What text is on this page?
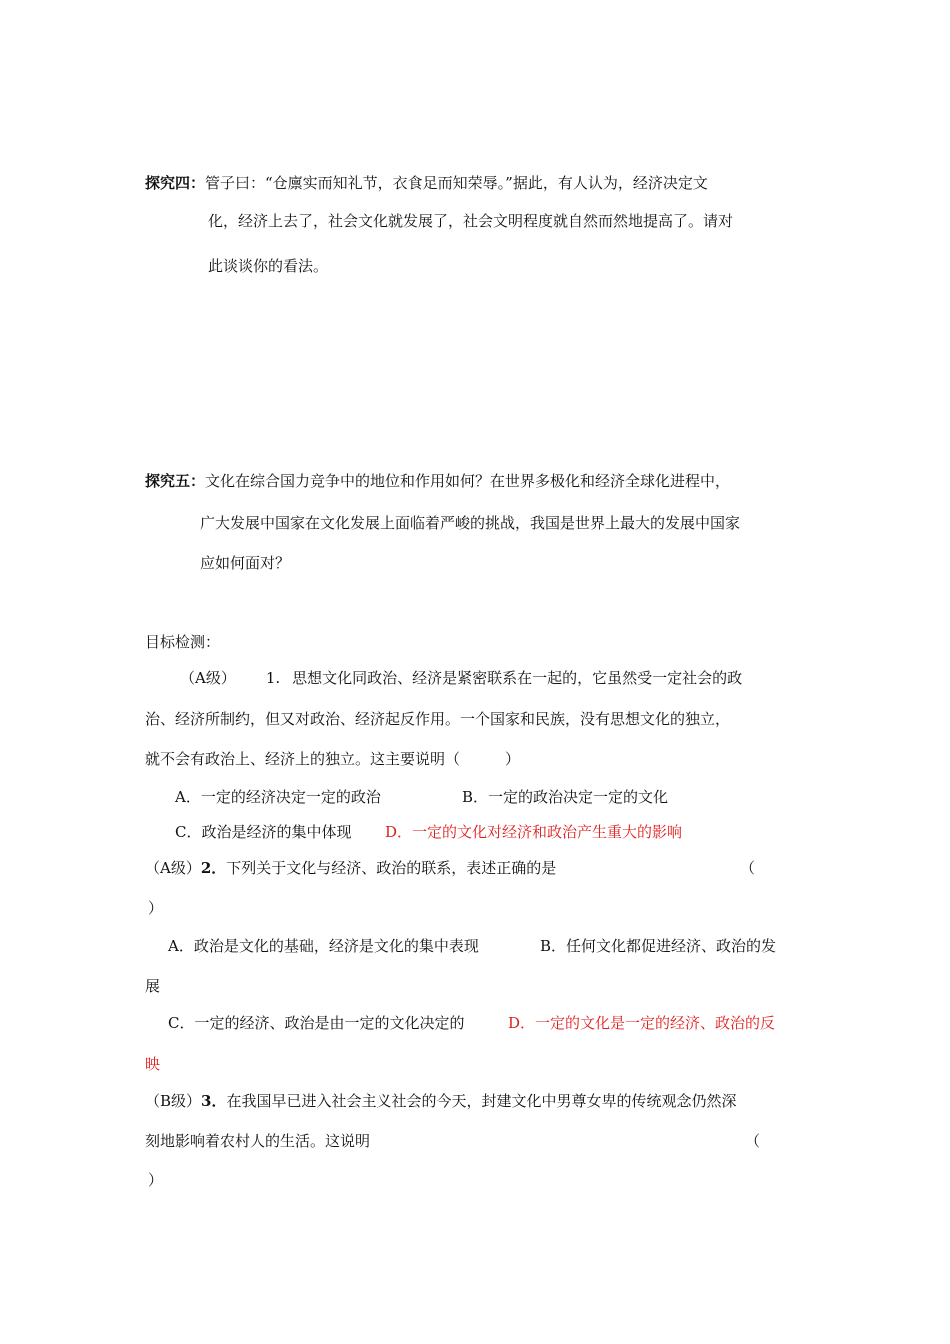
探究四：管子曰：“仓廪实而知礼节，衣食足而知荣辱。”据此，有人认为，经济决定文
化，经济上去了，社会文化就发展了，社会文明程度就自然而然地提高了。请对
此谈谈你的看法。
探究五：文化在综合国力竞争中的地位和作用如何？在世界多极化和经济全球化进程中，
广大发展中国家在文化发展上面临着严峻的挑战，我国是世界上最大的发展中国家
应如何面对？
目标检测：
（A级） 1. 思想文化同政治、经济是紧密联系在一起的，它虽然受一定社会的政
治、经济所制约，但又对政治、经济起反作用。一个国家和民族，没有思想文化的独立，
就不会有政治上、经济上的独立。这主要说明（　　　）
A．一定的经济决定一定的政治	B．一定的政治决定一定的文化
C．政治是经济的集中体现 D．一定的文化对经济和政治产生重大的影响
（A级）2．下列关于文化与经济、政治的联系，表述正确的是	（
）
A．政治是文化的基础，经济是文化的集中表现	B．任何文化都促进经济、政治的发
展
C．一定的经济、政治是由一定的文化决定的	D．一定的文化是一定的经济、政治的反
映
（B级）3．在我国早已进入社会主义社会的今天，封建文化中男尊女卑的传统观念仍然深
刻地影响着农村人的生活。这说明	（
）
